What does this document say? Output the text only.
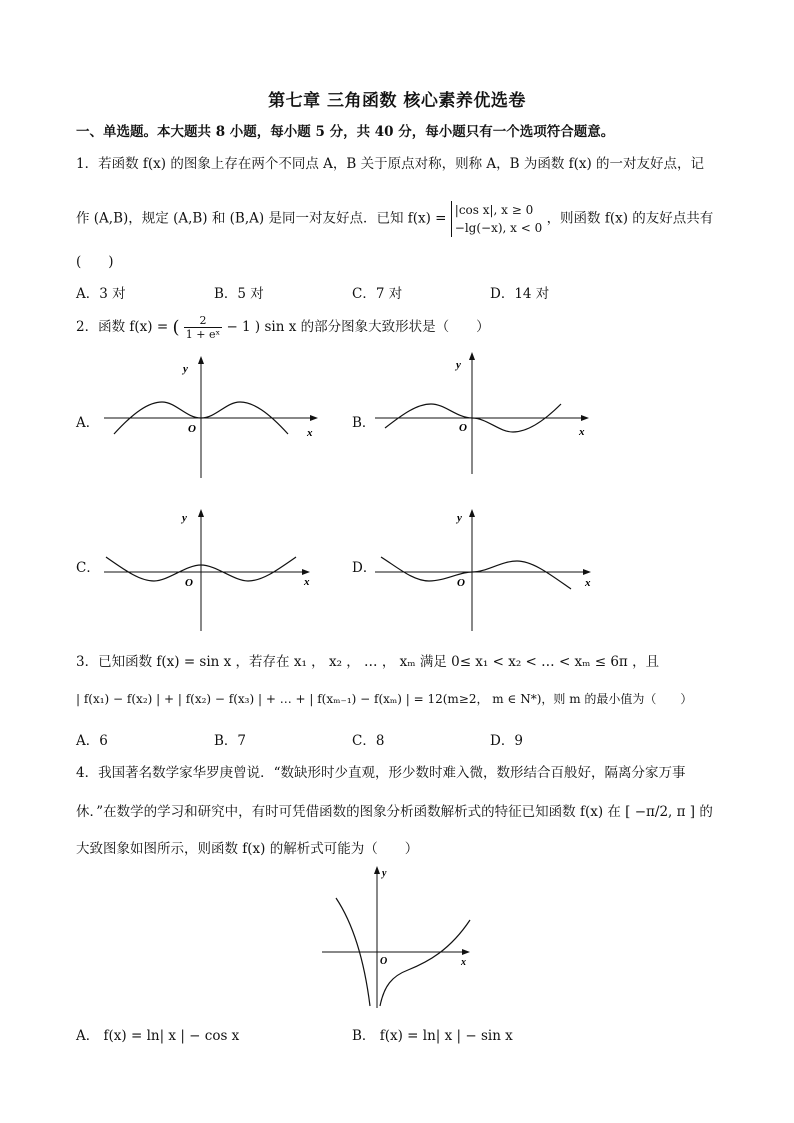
第七章 三角函数 核心素养优选卷
一、单选题。本大题共 8 小题，每小题 5 分，共 40 分，每小题只有一个选项符合题意。
1．若函数 f(x) 的图象上存在两个不同点 A，B 关于原点对称，则称 A，B 为函数 f(x) 的一对友好点，记
作 (A,B)，规定 (A,B) 和 (B,A) 是同一对友好点．已知 f(x) =
|cos x|, x ≥ 0
−lg(−x), x < 0
，则函数 f(x) 的友好点共有
(　　)
A．3 对	B．5 对	C．7 对	D．14 对
2．函数 f(x) = ( $\frac{2}{\text{1 + eˣ}} - 1$ ) sin x 的部分图象大致形状是（　　）
A．	B．
C．	D．
y
O	x
y
O	x
y
O	x
y
O	x
3．已知函数 f(x) = sin x ，若存在 x₁ ， x₂ ， … ， xₘ 满足 0≤ x₁ < x₂ < … < xₘ ≤ 6π ，且
| f(x₁) − f(x₂) | + | f(x₂) − f(x₃) | + … + | f(xₘ₋₁) − f(xₘ) | = 12(m≥2， m ∈ N*)，则 m 的最小值为（　　）
A．6	B．7	C．8	D．9
4．我国著名数学家华罗庚曾说．“数缺形时少直观，形少数时难入微，数形结合百般好，隔离分家万事
休．”在数学的学习和研究中，有时可凭借函数的图象分析函数解析式的特征已知函数 f(x) 在 [ −π/2, π ] 的
大致图象如图所示，则函数 f(x) 的解析式可能为（　　）
y
O	x
A． f(x) = ln| x | − cos x	B． f(x) = ln| x | − sin x
